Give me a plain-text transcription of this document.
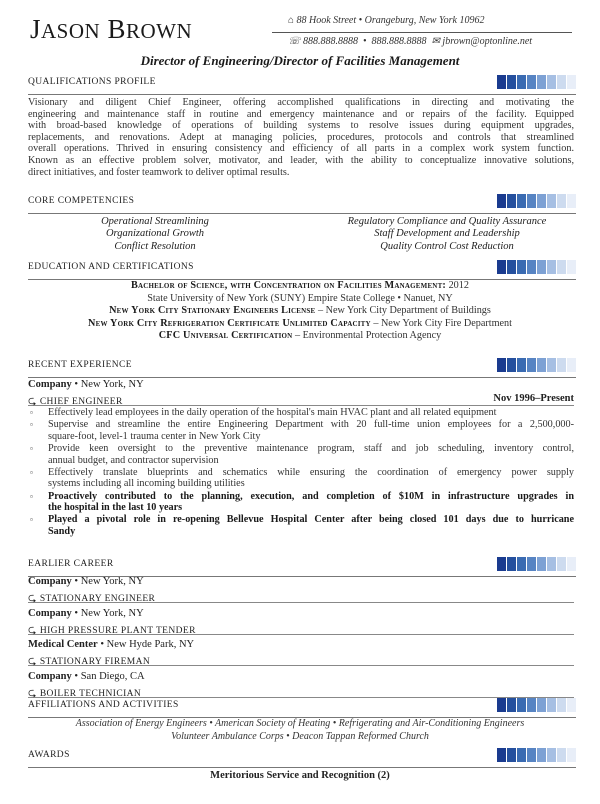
JASON BROWN	⌂ 88 Hook Street • Orangeburg, New York 10962
☏ 888.888.8888  •  888.888.8888 ✉ jbrown@optonline.net
Director of Engineering/Director of Facilities Management
QUALIFICATIONS PROFILE
Visionary and diligent Chief Engineer, offering accomplished qualifications in directing and motivating the
engineering and maintenance staff in routine and emergency maintenance and or repairs of the facility. Equipped
with broad-based knowledge of operations of building systems to resolve issues during equipment upgrades,
replacements, and renovations. Adept at managing policies, procedures, protocols and controls that streamlined
overall operations. Thrived in ensuring consistency and efficiency of all parts in a complex work system function.
Known as an effective problem solver, motivator, and leader, with the ability to conceptualize innovative solutions,
direct initiatives, and foster teamwork to deliver optimal results.
CORE COMPETENCIES
Operational Streamlining
Organizational Growth
Conflict Resolution
Regulatory Compliance and Quality Assurance
Staff Development and Leadership
Quality Control Cost Reduction
EDUCATION AND CERTIFICATIONS
Bachelor of Science, with Concentration on Facilities Management: 2012
State University of New York (SUNY) Empire State College • Nanuet, NY
New York City Stationary Engineers License – New York City Department of Buildings
New York City Refrigeration Certificate Unlimited Capacity – New York City Fire Department
CFC Universal Certification – Environmental Protection Agency
RECENT EXPERIENCE
Company • New York, NY
⮎ CHIEF ENGINEER	Nov 1996–Present
▫ Effectively lead employees in the daily operation of the hospital's main HVAC plant and all related equipment
▫ Supervise and streamline the entire Engineering Department with 20 full-time union employees for a 2,500,000-
square-foot, level-1 trauma center in New York City
▫ Provide keen oversight to the preventive maintenance program, staff and job scheduling, inventory control,
annual budget, and contractor supervision
▫ Effectively translate blueprints and schematics while ensuring the coordination of emergency power supply
systems including all incoming building utilities
▫ Proactively contributed to the planning, execution, and completion of $10M in infrastructure upgrades in
the hospital in the last 10 years
▫ Played a pivotal role in re-opening Bellevue Hospital Center after being closed 101 days due to hurricane
Sandy
EARLIER CAREER
Company • New York, NY
⮎ STATIONARY ENGINEER
Company • New York, NY
⮎ HIGH PRESSURE PLANT TENDER
Medical Center • New Hyde Park, NY
⮎ STATIONARY FIREMAN
Company • San Diego, CA
⮎ BOILER TECHNICIAN
AFFILIATIONS AND ACTIVITIES
Association of Energy Engineers • American Society of Heating • Refrigerating and Air-Conditioning Engineers
Volunteer Ambulance Corps • Deacon Tappan Reformed Church
AWARDS
Meritorious Service and Recognition (2)
